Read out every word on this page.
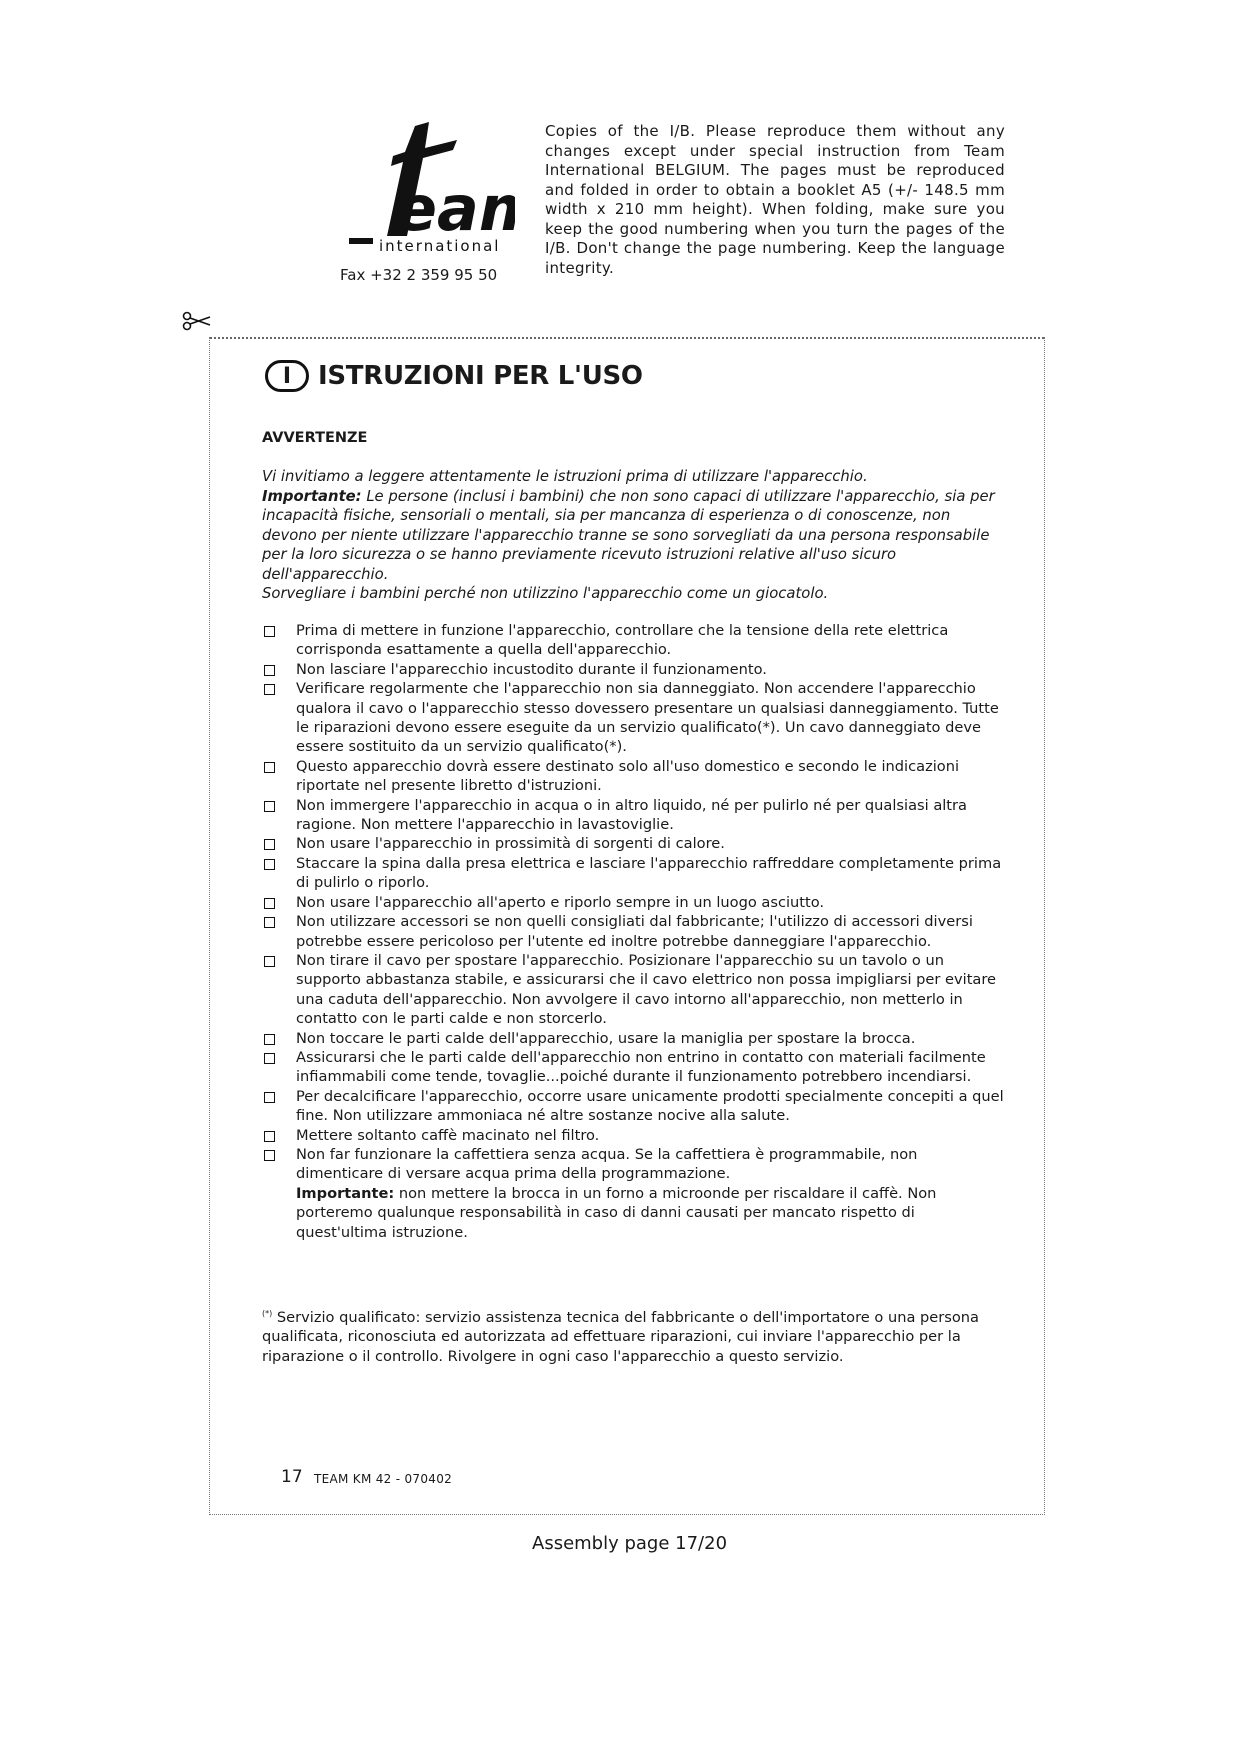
ea
international
Fax +32 2 359 95 50
Copies of the I/B. Please reproduce them without any changes except under special instruction from Team International BELGIUM. The pages must be reproduced and folded in order to obtain a booklet A5 (+/- 148.5 mm width x 210 mm height). When folding, make sure you keep the good numbering when you turn the pages of the I/B. Don't change the page numbering. Keep the language integrity.
I	ISTRUZIONI PER L'USO
AVVERTENZE

Vi invitiamo a leggere attentamente le istruzioni prima di utilizzare l'apparecchio.

Importante: Le persone (inclusi i bambini) che non sono capaci di utilizzare l'apparecchio, sia per incapacità fisiche, sensoriali o mentali, sia per mancanza di esperienza o di conoscenze, non devono per niente utilizzare l'apparecchio tranne se sono sorvegliati da una persona responsabile per la loro sicurezza o se hanno previamente ricevuto istruzioni relative all'uso sicuro dell'apparecchio.

Sorvegliare i bambini perché non utilizzino l'apparecchio come un giocatolo.

Prima di mettere in funzione l'apparecchio, controllare che la tensione della rete elettrica corrisponda esattamente a quella dell'apparecchio.
Non lasciare l'apparecchio incustodito durante il funzionamento.
Verificare regolarmente che l'apparecchio non sia danneggiato. Non accendere l'apparecchio qualora il cavo o l'apparecchio stesso dovessero presentare un qualsiasi danneggiamento. Tutte le riparazioni devono essere eseguite da un servizio qualificato(*). Un cavo danneggiato deve essere sostituito da un servizio qualificato(*).
Questo apparecchio dovrà essere destinato solo all'uso domestico e secondo le indicazioni riportate nel presente libretto d'istruzioni.
Non immergere l'apparecchio in acqua o in altro liquido, né per pulirlo né per qualsiasi altra ragione. Non mettere l'apparecchio in lavastoviglie.
Non usare l'apparecchio in prossimità di sorgenti di calore.
Staccare la spina dalla presa elettrica e lasciare l'apparecchio raffreddare completamente prima di pulirlo o riporlo.
Non usare l'apparecchio all'aperto e riporlo sempre in un luogo asciutto.
Non utilizzare accessori se non quelli consigliati dal fabbricante; l'utilizzo di accessori diversi potrebbe essere pericoloso per l'utente ed inoltre potrebbe danneggiare l'apparecchio.
Non tirare il cavo per spostare l'apparecchio. Posizionare l'apparecchio su un tavolo o un supporto abbastanza stabile, e assicurarsi che il cavo elettrico non possa impigliarsi per evitare una caduta dell'apparecchio. Non avvolgere il cavo intorno all'apparecchio, non metterlo in contatto con le parti calde e non storcerlo.
Non toccare le parti calde dell'apparecchio, usare la maniglia per spostare la brocca.
Assicurarsi che le parti calde dell'apparecchio non entrino in contatto con materiali facilmente infiammabili come tende, tovaglie...poiché durante il funzionamento potrebbero incendiarsi.
Per decalcificare l'apparecchio, occorre usare unicamente prodotti specialmente concepiti a quel fine. Non utilizzare ammoniaca né altre sostanze nocive alla salute.
Mettere soltanto caffè macinato nel filtro.
Non far funzionare la caffettiera senza acqua. Se la caffettiera è programmabile, non dimenticare di versare acqua prima della programmazione.
Importante: non mettere la brocca in un forno a microonde per riscaldare il caffè. Non porteremo qualunque responsabilità in caso di danni causati per mancato rispetto di quest'ultima istruzione.
(*) Servizio qualificato: servizio assistenza tecnica del fabbricante o dell'importatore o una persona qualificata, riconosciuta ed autorizzata ad effettuare riparazioni, cui inviare l'apparecchio per la riparazione o il controllo. Rivolgere in ogni caso l'apparecchio a questo servizio.
17 TEAM KM 42 - 070402
Assembly page 17/20
